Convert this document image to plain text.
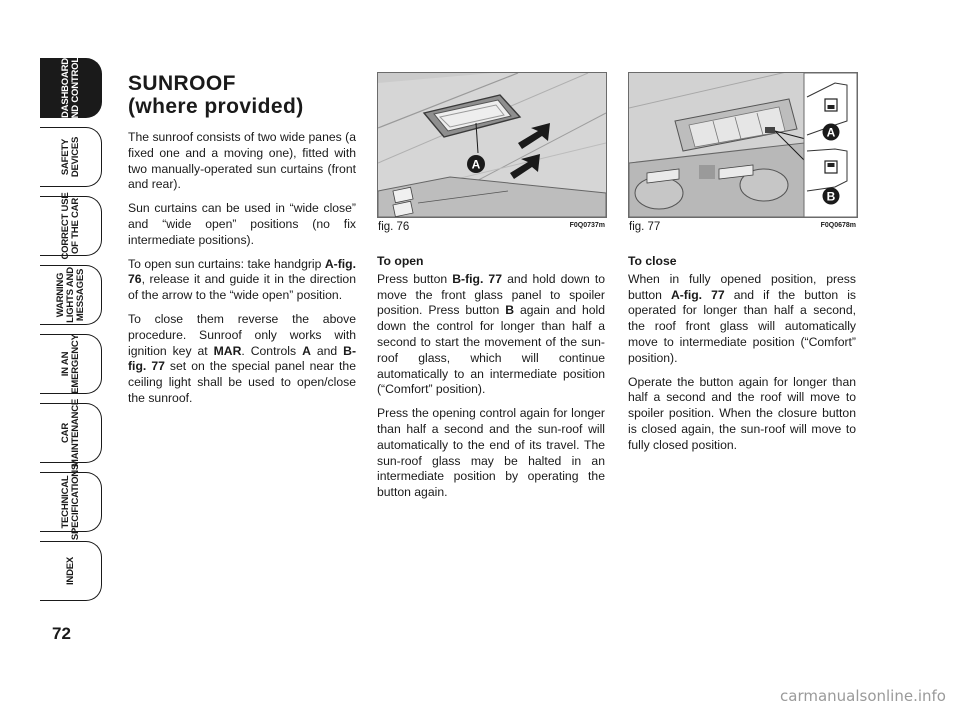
DASHBOARD
AND CONTROLS
SAFETY
DEVICES
CORRECT USE
OF THE CAR
WARNING
LIGHTS AND
MESSAGES
IN AN
EMERGENCY
CAR
MAINTENANCE
TECHNICAL
SPECIFICATIONS
INDEX
72
SUNROOF
(where provided)

The sunroof consists of two wide panes (a fixed one and a moving one), fitted with two manually-operated sun curtains (front and rear).

Sun curtains can be used in “wide close” and “wide open” positions (no fix intermediate positions).

To open sun curtains: take handgrip A-fig. 76, release it and guide it in the direction of the arrow to the “wide open” position.

To close them reverse the above procedure. Sunroof only works with ignition key at MAR. Controls A and B-fig. 77 set on the special panel near the ceiling light shall be used to open/close the sunroof.

A
fig. 76	F0Q0737m
A
B
fig. 77	F0Q0678m

To open

Press button B-fig. 77 and hold down to move the front glass panel to spoiler position. Press button B again and hold down the control for longer than half a second to start the movement of the sun-roof glass, which will continue automatically to an intermediate position (“Comfort” position).

Press the opening control again for longer than half a second and the sun-roof will automatically to the end of its travel. The sun-roof glass may be halted in an intermediate position by operating the button again.

To close

When in fully opened position, press button A-fig. 77 and if the button is operated for longer than half a second, the roof front glass will automatically move to intermediate position (“Comfort” position).

Operate the button again for longer than half a second and the roof will move to spoiler position. When the closure button is closed again, the sun-roof will move to fully closed position.

carmanualsonline.info
